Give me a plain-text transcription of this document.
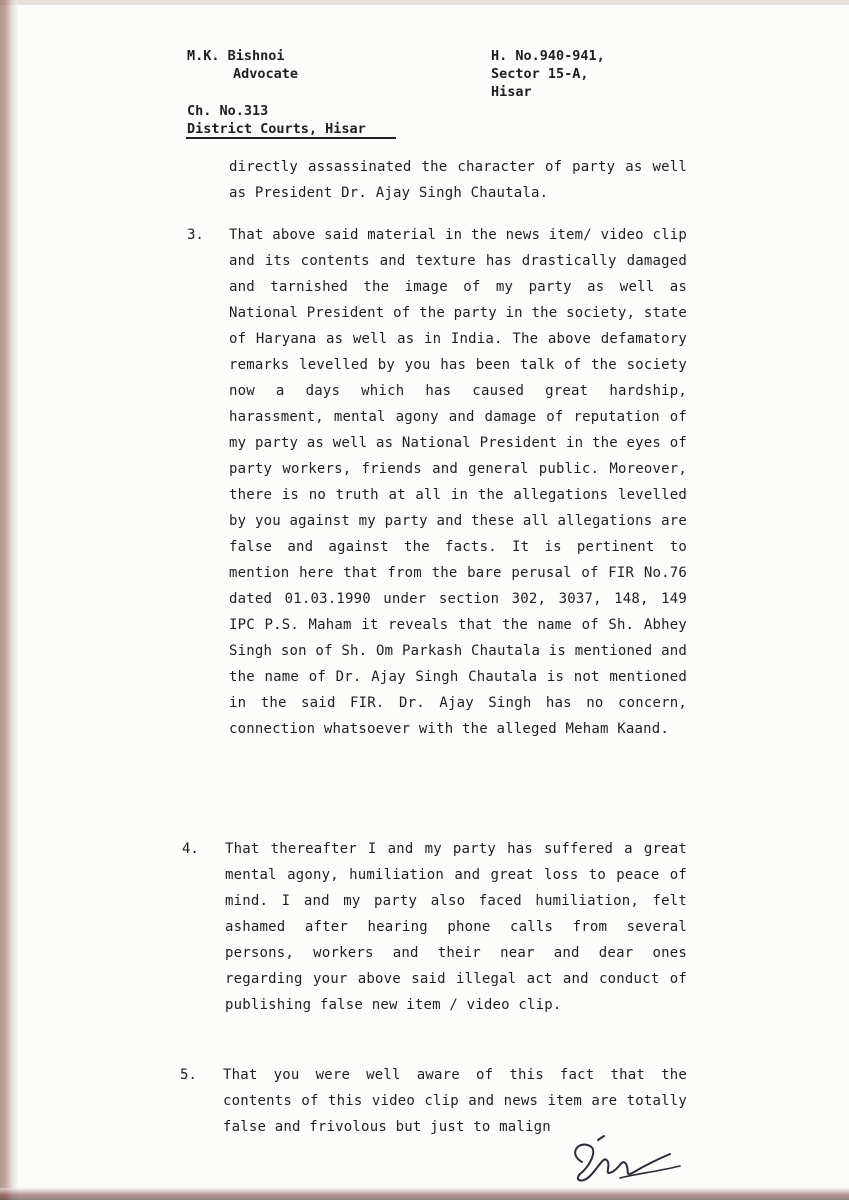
M.K. Bishnoi
Advocate
H. No.940-941,
Sector 15-A,
Hisar
Ch. No.313
District Courts, Hisar
directly assassinated the character of party as well as President Dr. Ajay Singh Chautala.
3. That above said material in the news item/ video clip and its contents and texture has drastically damaged and tarnished the image of my party as well as National President of the party in the society, state of Haryana as well as in India. The above defamatory remarks levelled by you has been talk of the society now a days which has caused great hardship, harassment, mental agony and damage of reputation of my party as well as National President in the eyes of party workers, friends and general public. Moreover, there is no truth at all in the allegations levelled by you against my party and these all allegations are false and against the facts. It is pertinent to mention here that from the bare perusal of FIR No.76 dated 01.03.1990 under section 302, 3037, 148, 149 IPC P.S. Maham it reveals that the name of Sh. Abhey Singh son of Sh. Om Parkash Chautala is mentioned and the name of Dr. Ajay Singh Chautala is not mentioned in the said FIR. Dr. Ajay Singh has no concern, connection whatsoever with the alleged Meham Kaand.
4. That thereafter I and my party has suffered a great mental agony, humiliation and great loss to peace of mind. I and my party also faced humiliation, felt ashamed after hearing phone calls from several persons, workers and their near and dear ones regarding your above said illegal act and conduct of publishing false new item / video clip.
5. That you were well aware of this fact that the contents of this video clip and news item are totally false and frivolous but just to malign
